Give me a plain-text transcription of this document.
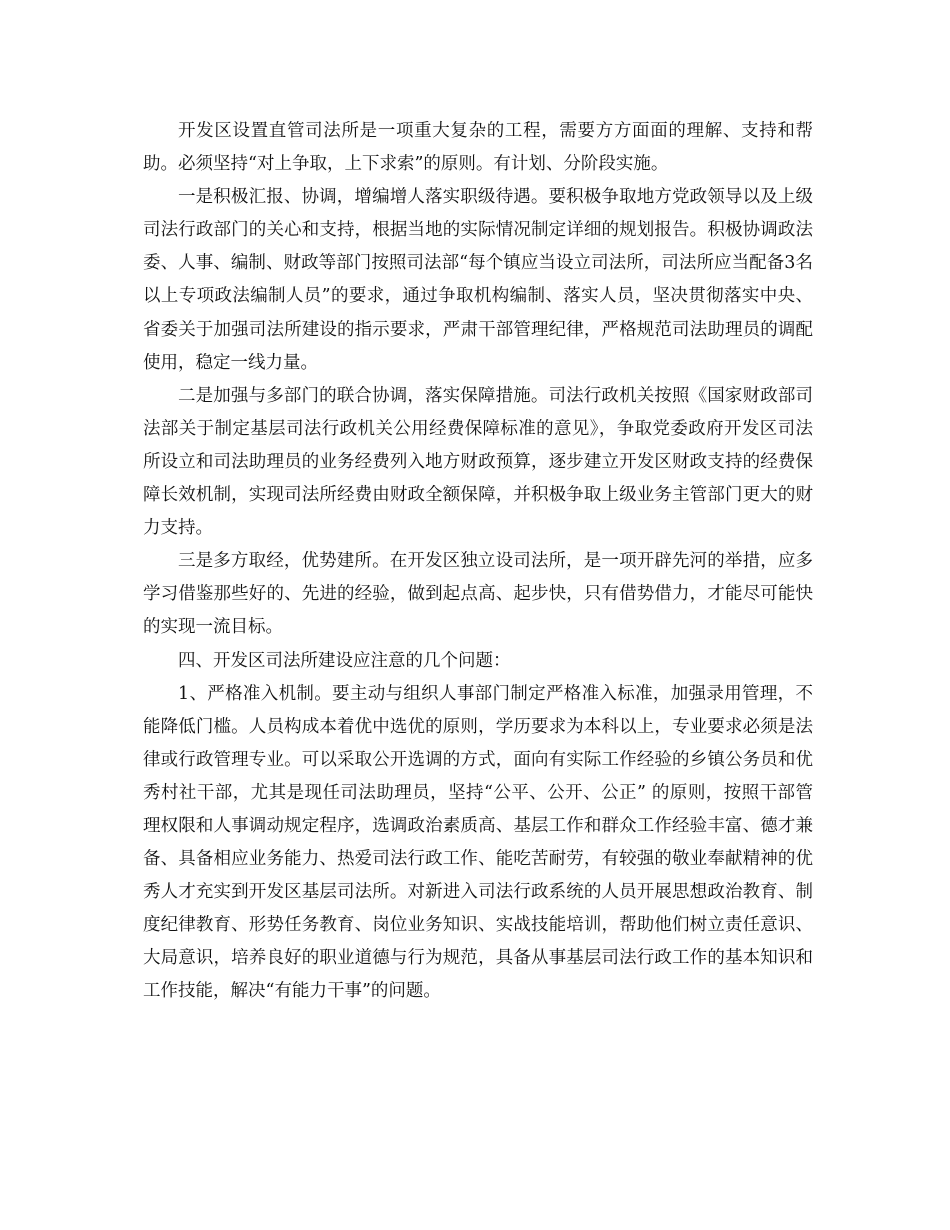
开发区设置直管司法所是一项重大复杂的工程，需要方方面面的理解、支持和帮助。必须坚持“对上争取，上下求索”的原则。有计划、分阶段实施。

一是积极汇报、协调，增编增人落实职级待遇。要积极争取地方党政领导以及上级司法行政部门的关心和支持，根据当地的实际情况制定详细的规划报告。积极协调政法委、人事、编制、财政等部门按照司法部“每个镇应当设立司法所，司法所应当配备3名以上专项政法编制人员”的要求，通过争取机构编制、落实人员，坚决贯彻落实中央、省委关于加强司法所建设的指示要求，严肃干部管理纪律，严格规范司法助理员的调配使用，稳定一线力量。

二是加强与多部门的联合协调，落实保障措施。司法行政机关按照《国家财政部司法部关于制定基层司法行政机关公用经费保障标准的意见》，争取党委政府开发区司法所设立和司法助理员的业务经费列入地方财政预算，逐步建立开发区财政支持的经费保障长效机制，实现司法所经费由财政全额保障，并积极争取上级业务主管部门更大的财力支持。

三是多方取经，优势建所。在开发区独立设司法所，是一项开辟先河的举措，应多学习借鉴那些好的、先进的经验，做到起点高、起步快，只有借势借力，才能尽可能快的实现一流目标。

四、开发区司法所建设应注意的几个问题：

1、严格准入机制。要主动与组织人事部门制定严格准入标准，加强录用管理，不能降低门槛。人员构成本着优中选优的原则，学历要求为本科以上，专业要求必须是法律或行政管理专业。可以采取公开选调的方式，面向有实际工作经验的乡镇公务员和优秀村社干部，尤其是现任司法助理员，坚持“公平、公开、公正” 的原则，按照干部管理权限和人事调动规定程序，选调政治素质高、基层工作和群众工作经验丰富、德才兼备、具备相应业务能力、热爱司法行政工作、能吃苦耐劳，有较强的敬业奉献精神的优秀人才充实到开发区基层司法所。对新进入司法行政系统的人员开展思想政治教育、制度纪律教育、形势任务教育、岗位业务知识、实战技能培训，帮助他们树立责任意识、大局意识，培养良好的职业道德与行为规范，具备从事基层司法行政工作的基本知识和工作技能，解决“有能力干事”的问题。
